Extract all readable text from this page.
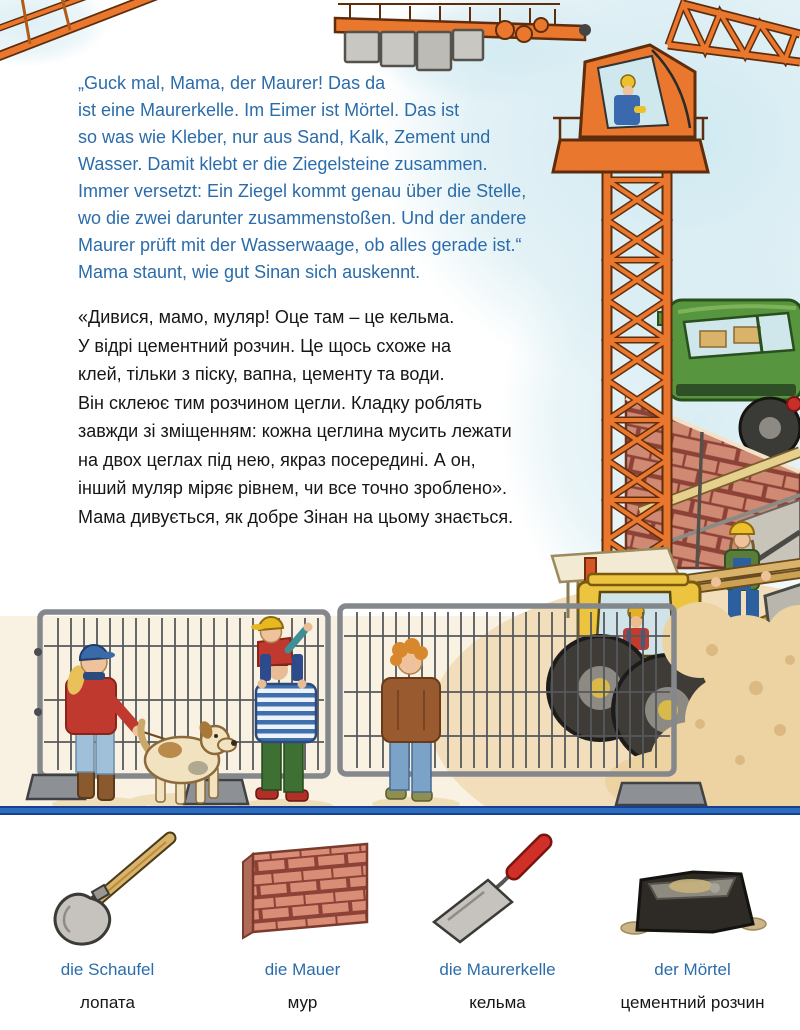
„Guck mal, Mama, der Maurer! Das da
ist eine Maurerkelle. Im Eimer ist Mörtel. Das ist
so was wie Kleber, nur aus Sand, Kalk, Zement und
Wasser. Damit klebt er die Ziegelsteine zusammen.
Immer versetzt: Ein Ziegel kommt genau über die Stelle,
wo die zwei darunter zusammenstoßen. Und der andere
Maurer prüft mit der Wasserwaage, ob alles gerade ist.“
Mama staunt, wie gut Sinan sich auskennt.
«Дивися, мамо, муляр! Оце там – це кельма.
У відрі цементний розчин. Це щось схоже на
клей, тільки з піску, вапна, цементу та води.
Він склеює тим розчином цегли. Кладку роблять
завжди зі зміщенням: кожна цеглина мусить лежати
на двох цеглах під нею, якраз посередині. А он,
інший муляр міряє рівнем, чи все точно зроблено».
Мама дивується, як добре Зінан на цьому знається.
die Schaufel
лопата
die Mauer
мур
die Maurerkelle
кельма
der Mörtel
цементний розчин
